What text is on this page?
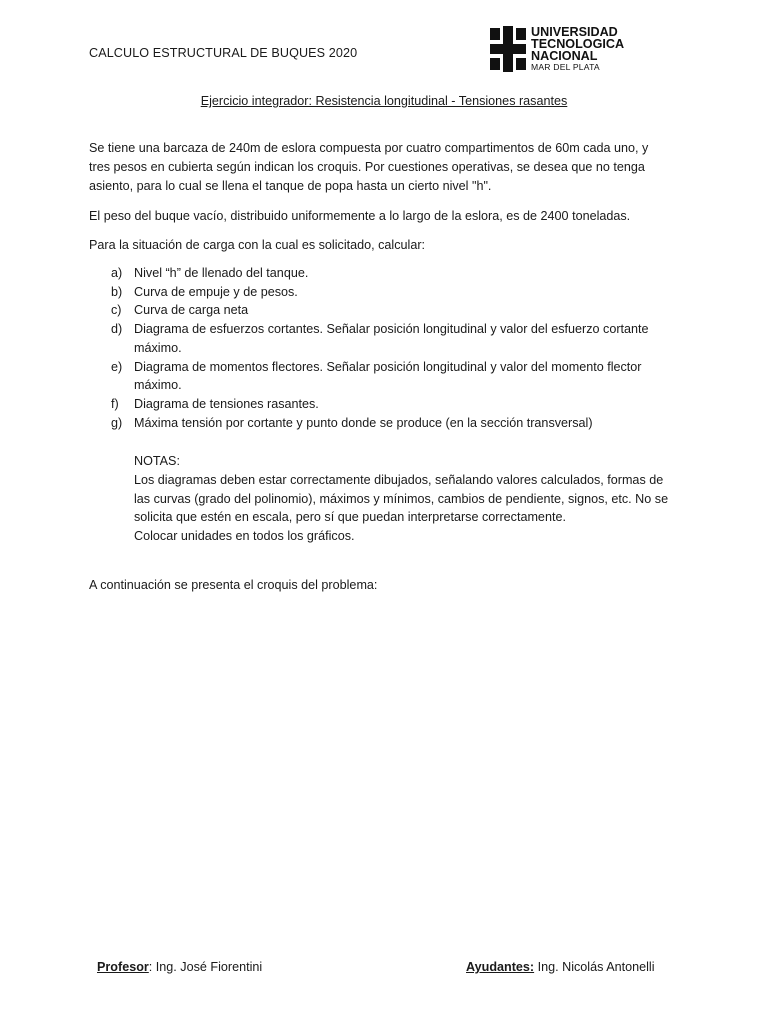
CALCULO ESTRUCTURAL DE BUQUES 2020
UNIVERSIDAD
TECNOLOGICA
NACIONAL
MAR DEL PLATA
Ejercicio integrador: Resistencia longitudinal - Tensiones rasantes
Se tiene una barcaza de 240m de eslora compuesta por cuatro compartimentos de 60m cada uno, y tres pesos en cubierta según indican los croquis. Por cuestiones operativas, se desea que no tenga asiento, para lo cual se llena el tanque de popa hasta un cierto nivel "h".
El peso del buque vacío, distribuido uniformemente a lo largo de la eslora, es de 2400 toneladas.
Para la situación de carga con la cual es solicitado, calcular:
a) Nivel “h” de llenado del tanque.
b) Curva de empuje y de pesos.
c) Curva de carga neta
d) Diagrama de esfuerzos cortantes. Señalar posición longitudinal y valor del esfuerzo cortante máximo.
e) Diagrama de momentos flectores. Señalar posición longitudinal y valor del momento flector máximo.
f) Diagrama de tensiones rasantes.
g) Máxima tensión por cortante y punto donde se produce (en la sección transversal)
NOTAS:
Los diagramas deben estar correctamente dibujados, señalando valores calculados, formas de las curvas (grado del polinomio), máximos y mínimos, cambios de pendiente, signos, etc. No se solicita que estén en escala, pero sí que puedan interpretarse correctamente.
Colocar unidades en todos los gráficos.
A continuación se presenta el croquis del problema:
Profesor: Ing. José Fiorentini	Ayudantes: Ing. Nicolás Antonelli
